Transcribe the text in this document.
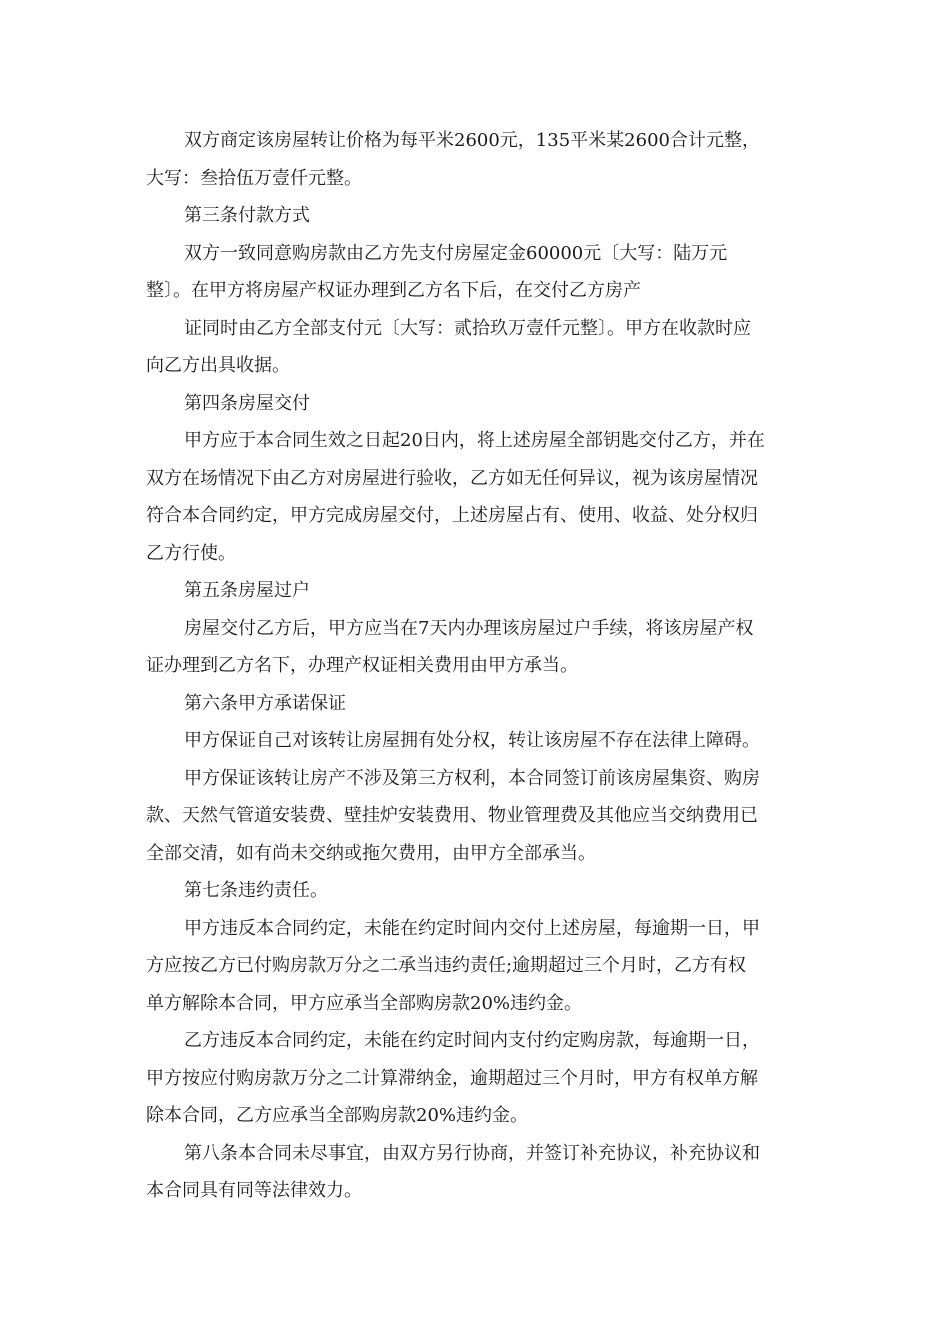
双方商定该房屋转让价格为每平米2600元，135平米某2600合计元整，
大写：叁拾伍万壹仟元整。
第三条付款方式
双方一致同意购房款由乙方先支付房屋定金60000元〔大写：陆万元
整〕。在甲方将房屋产权证办理到乙方名下后，在交付乙方房产
证同时由乙方全部支付元〔大写：贰拾玖万壹仟元整〕。甲方在收款时应
向乙方出具收据。
第四条房屋交付
甲方应于本合同生效之日起20日内，将上述房屋全部钥匙交付乙方，并在
双方在场情况下由乙方对房屋进行验收，乙方如无任何异议，视为该房屋情况
符合本合同约定，甲方完成房屋交付，上述房屋占有、使用、收益、处分权归
乙方行使。
第五条房屋过户
房屋交付乙方后，甲方应当在7天内办理该房屋过户手续，将该房屋产权
证办理到乙方名下，办理产权证相关费用由甲方承当。
第六条甲方承诺保证
甲方保证自己对该转让房屋拥有处分权，转让该房屋不存在法律上障碍。
甲方保证该转让房产不涉及第三方权利，本合同签订前该房屋集资、购房
款、天然气管道安装费、壁挂炉安装费用、物业管理费及其他应当交纳费用已
全部交清，如有尚未交纳或拖欠费用，由甲方全部承当。
第七条违约责任。
甲方违反本合同约定，未能在约定时间内交付上述房屋，每逾期一日，甲
方应按乙方已付购房款万分之二承当违约责任;逾期超过三个月时，乙方有权
单方解除本合同，甲方应承当全部购房款20%违约金。
乙方违反本合同约定，未能在约定时间内支付约定购房款，每逾期一日，
甲方按应付购房款万分之二计算滞纳金，逾期超过三个月时，甲方有权单方解
除本合同，乙方应承当全部购房款20%违约金。
第八条本合同未尽事宜，由双方另行协商，并签订补充协议，补充协议和
本合同具有同等法律效力。
